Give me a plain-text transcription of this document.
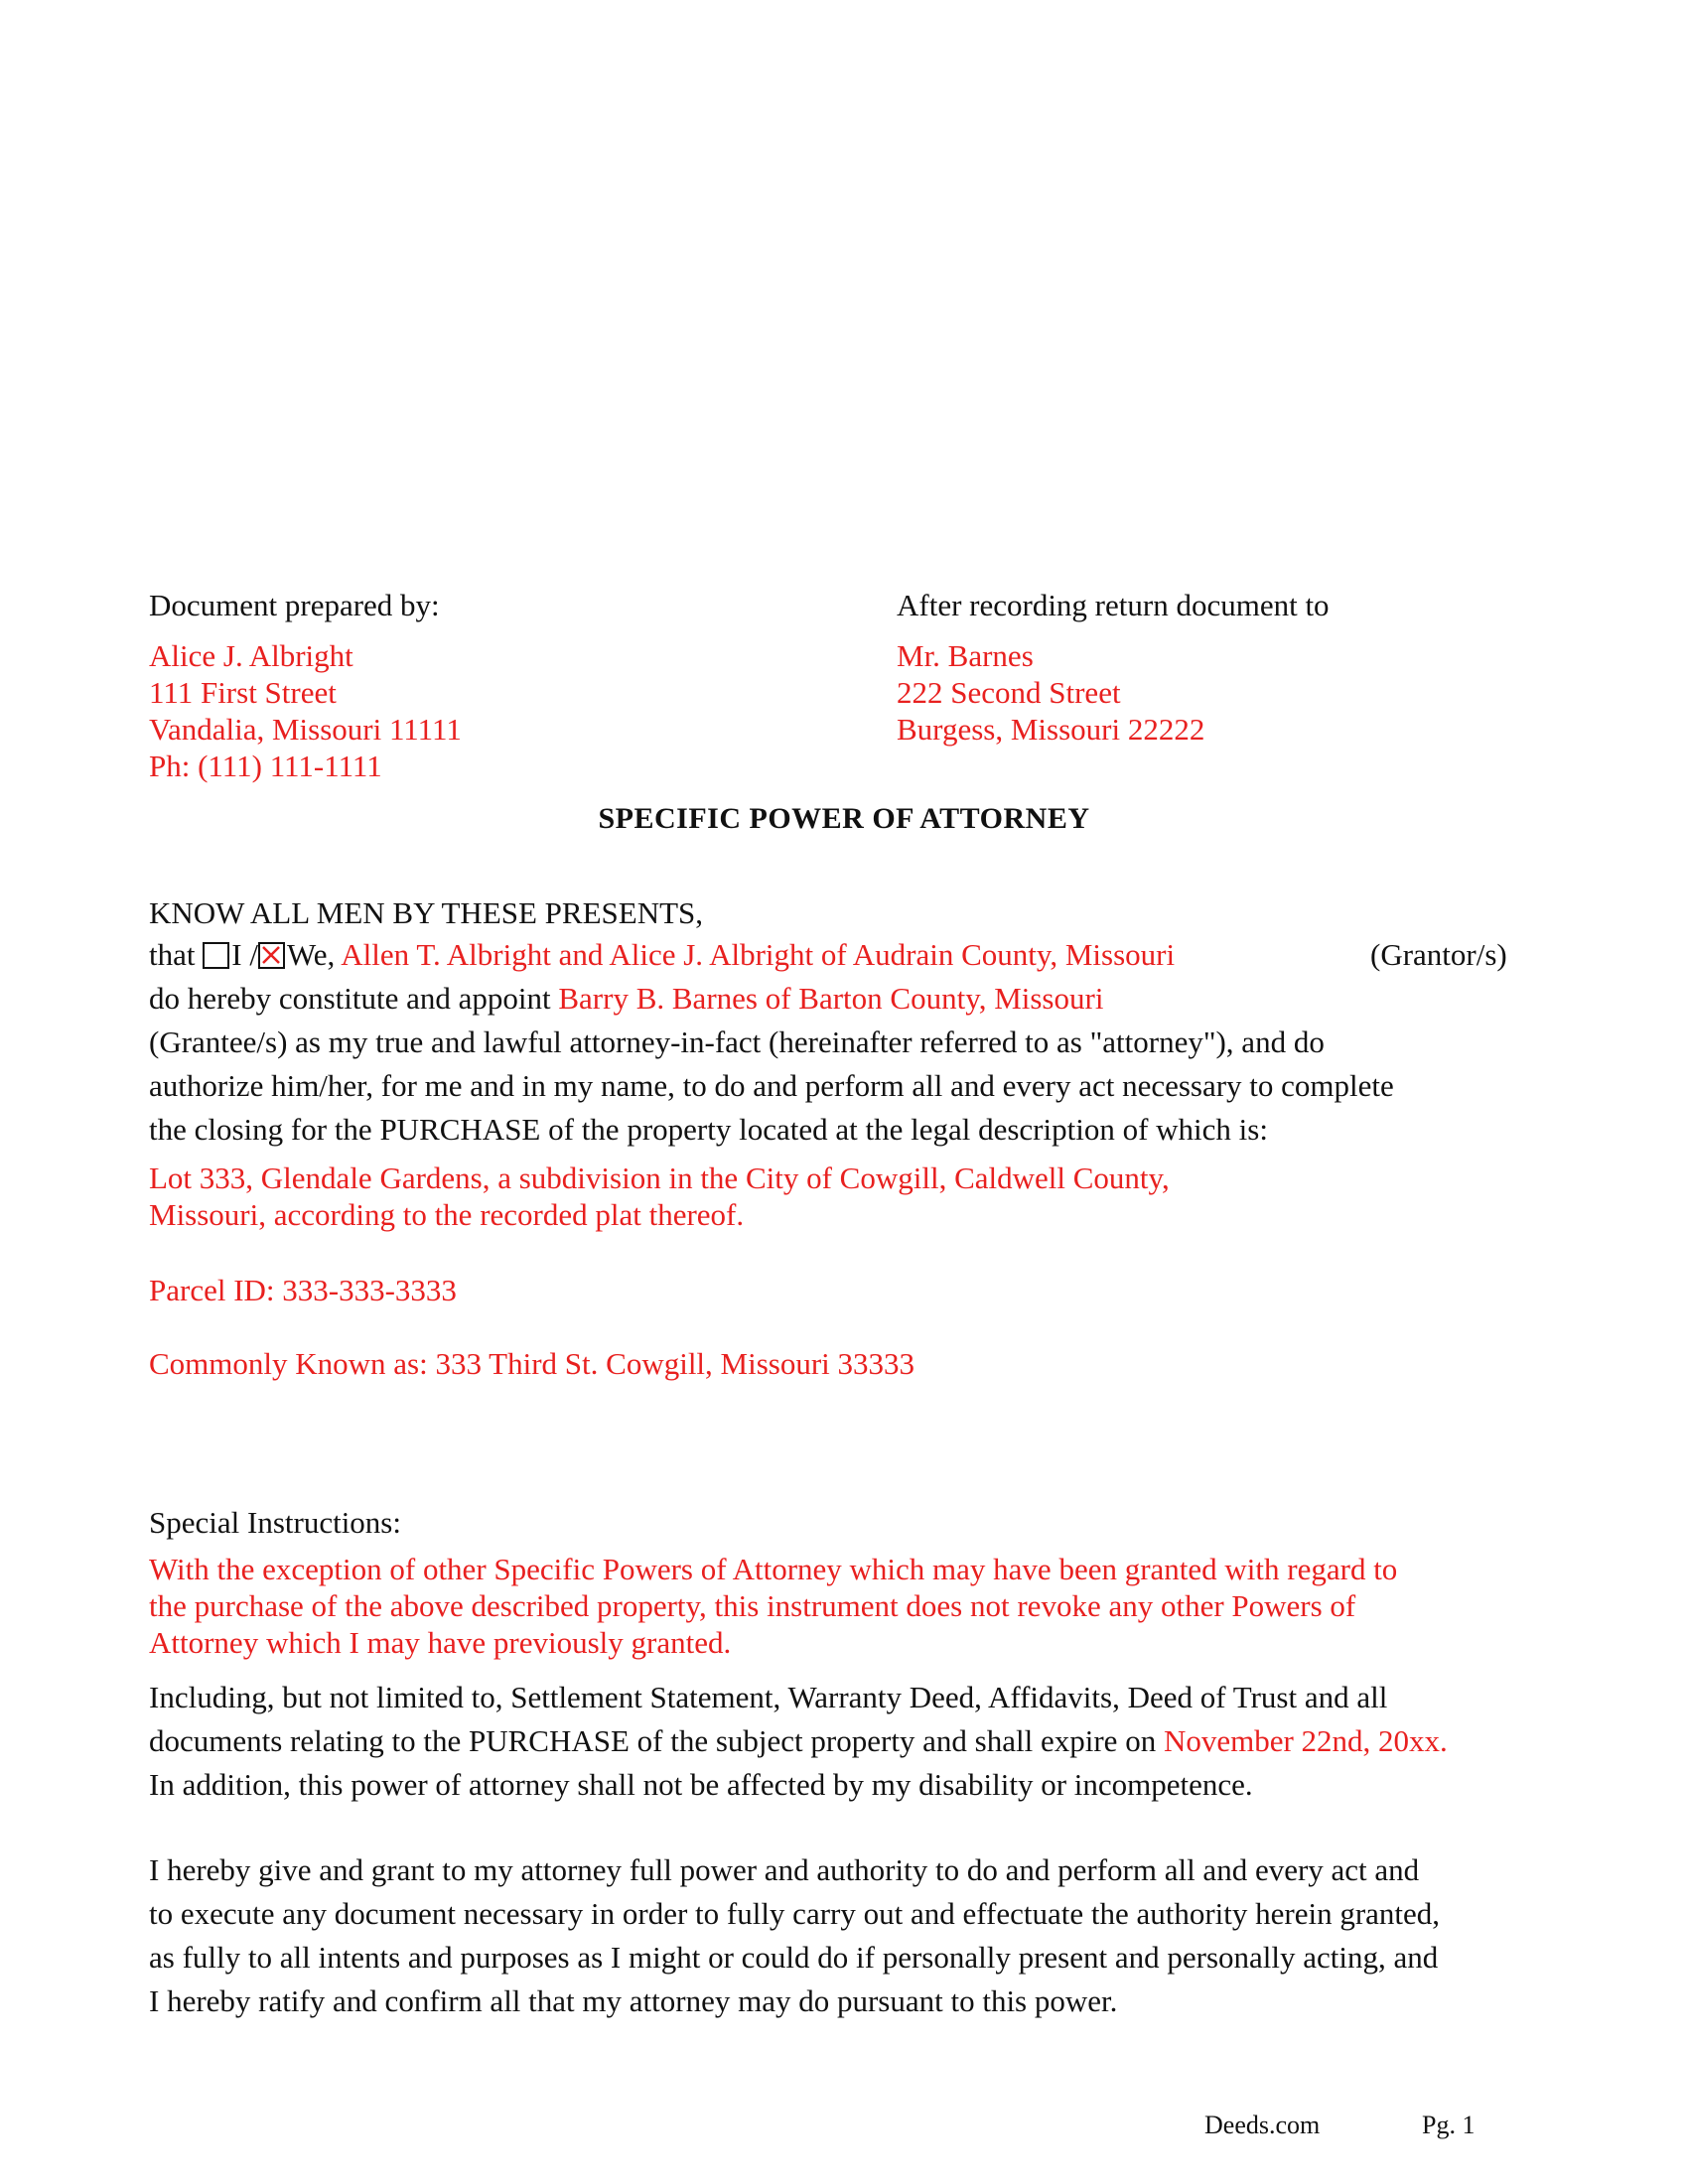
Document prepared by:
Alice J. Albright
111 First Street
Vandalia, Missouri 11111
Ph: (111) 111-1111
After recording return document to
Mr. Barnes
222 Second Street
Burgess, Missouri 22222
SPECIFIC POWER OF ATTORNEY
KNOW ALL MEN BY THESE PRESENTS,
that I / We, Allen T. Albright and Alice J. Albright of Audrain County, Missouri	(Grantor/s)
do hereby constitute and appoint Barry B. Barnes of Barton County, Missouri
(Grantee/s) as my true and lawful attorney-in-fact (hereinafter referred to as "attorney"), and do
authorize him/her, for me and in my name, to do and perform all and every act necessary to complete
the closing for the PURCHASE of the property located at the legal description of which is:
Lot 333, Glendale Gardens, a subdivision in the City of Cowgill, Caldwell County,
Missouri, according to the recorded plat thereof.
Parcel ID: 333-333-3333
Commonly Known as: 333 Third St. Cowgill, Missouri 33333
Special Instructions:
With the exception of other Specific Powers of Attorney which may have been granted with regard to
the purchase of the above described property, this instrument does not revoke any other Powers of
Attorney which I may have previously granted.
Including, but not limited to, Settlement Statement, Warranty Deed, Affidavits, Deed of Trust and all
documents relating to the PURCHASE of the subject property and shall expire on November 22nd, 20xx.
In addition, this power of attorney shall not be affected by my disability or incompetence.
I hereby give and grant to my attorney full power and authority to do and perform all and every act and
to execute any document necessary in order to fully carry out and effectuate the authority herein granted,
as fully to all intents and purposes as I might or could do if personally present and personally acting, and
I hereby ratify and confirm all that my attorney may do pursuant to this power.
Deeds.com	Pg. 1
